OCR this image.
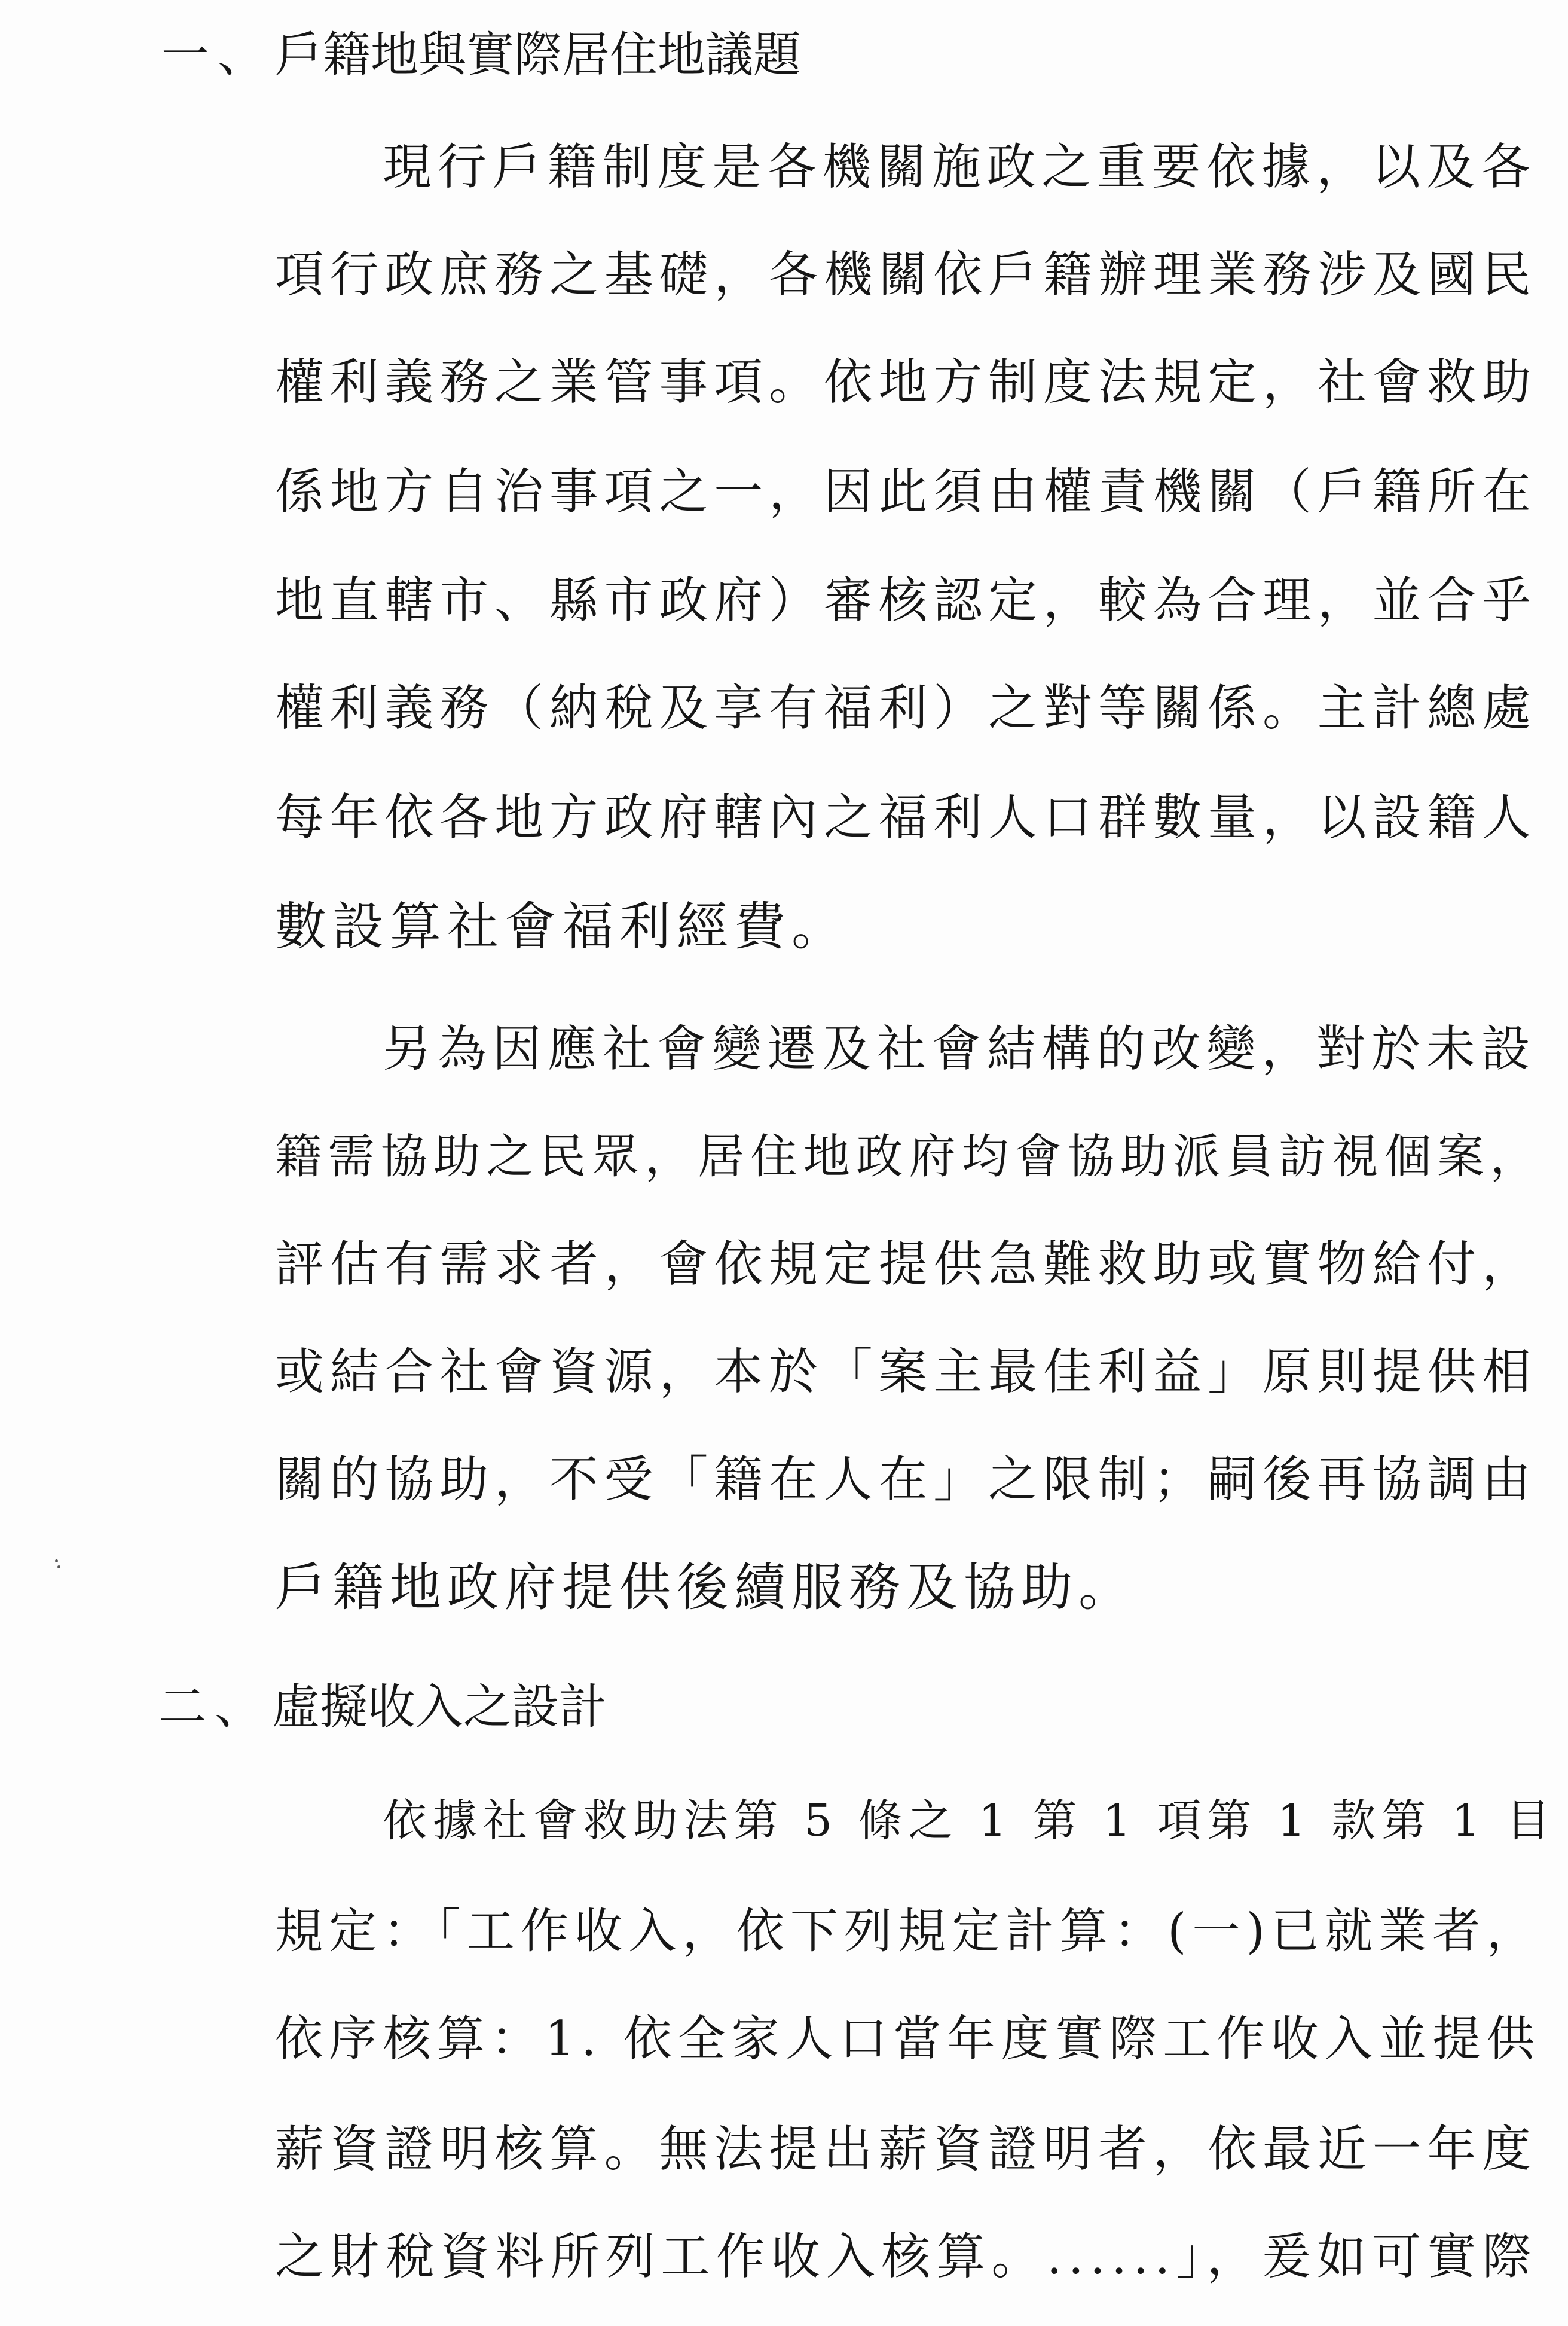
一、戶籍地與實際居住地議題
現行戶籍制度是各機關施政之重要依據，以及各
項行政庶務之基礎，各機關依戶籍辦理業務涉及國民
權利義務之業管事項。依地方制度法規定，社會救助
係地方自治事項之一，因此須由權責機關（戶籍所在
地直轄市、縣市政府）審核認定，較為合理，並合乎
權利義務（納稅及享有福利）之對等關係。主計總處
每年依各地方政府轄內之福利人口群數量，以設籍人
數設算社會福利經費。
另為因應社會變遷及社會結構的改變，對於未設
籍需協助之民眾，居住地政府均會協助派員訪視個案，
評估有需求者，會依規定提供急難救助或實物給付，
或結合社會資源，本於「案主最佳利益」原則提供相
關的協助，不受「籍在人在」之限制；嗣後再協調由
戶籍地政府提供後續服務及協助。
二、虛擬收入之設計
依據社會救助法第 5 條之 1 第 1 項第 1 款第 1 目
規定：「工作收入，依下列規定計算：(一)已就業者，
依序核算：1. 依全家人口當年度實際工作收入並提供
薪資證明核算。無法提出薪資證明者，依最近一年度
之財稅資料所列工作收入核算。......」，爰如可實際
